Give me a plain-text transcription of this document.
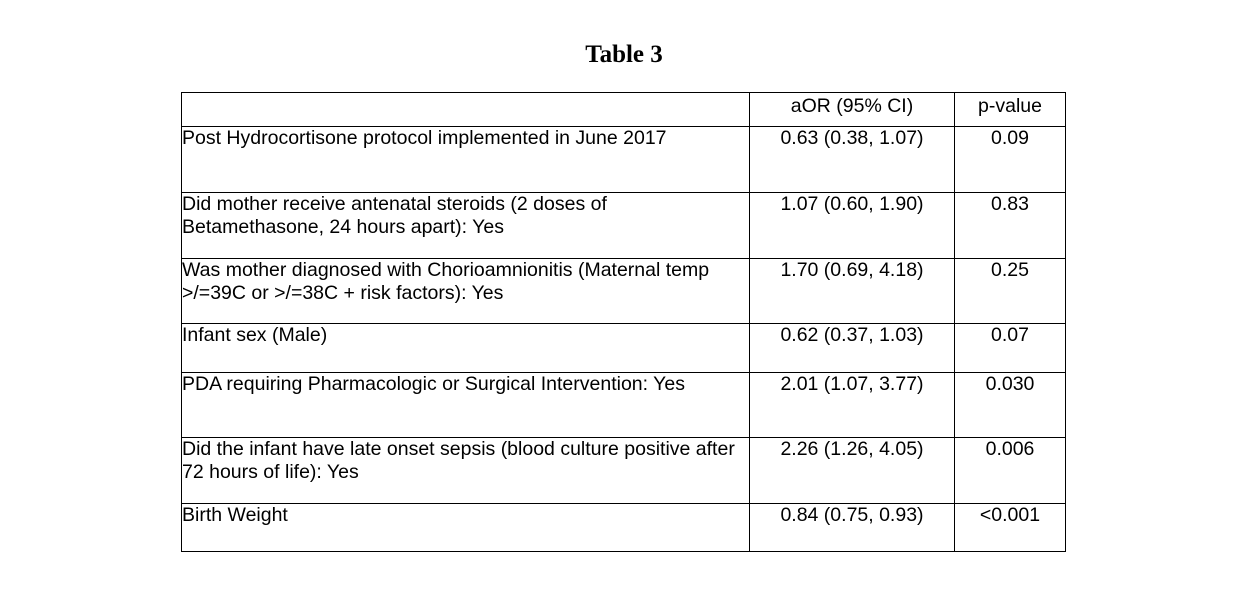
Table 3
	aOR (95% CI)	p-value
Post Hydrocortisone protocol implemented in June 2017	0.63 (0.38, 1.07)	0.09
Did mother receive antenatal steroids (2 doses of Betamethasone, 24 hours apart): Yes	1.07 (0.60, 1.90)	0.83
Was mother diagnosed with Chorioamnionitis (Maternal temp >/=39C or >/=38C + risk factors): Yes	1.70 (0.69, 4.18)	0.25
Infant sex (Male)	0.62 (0.37, 1.03)	0.07
PDA requiring Pharmacologic or Surgical Intervention: Yes	2.01 (1.07, 3.77)	0.030
Did the infant have late onset sepsis (blood culture positive after 72 hours of life): Yes	2.26 (1.26, 4.05)	0.006
Birth Weight	0.84 (0.75, 0.93)	<0.001
